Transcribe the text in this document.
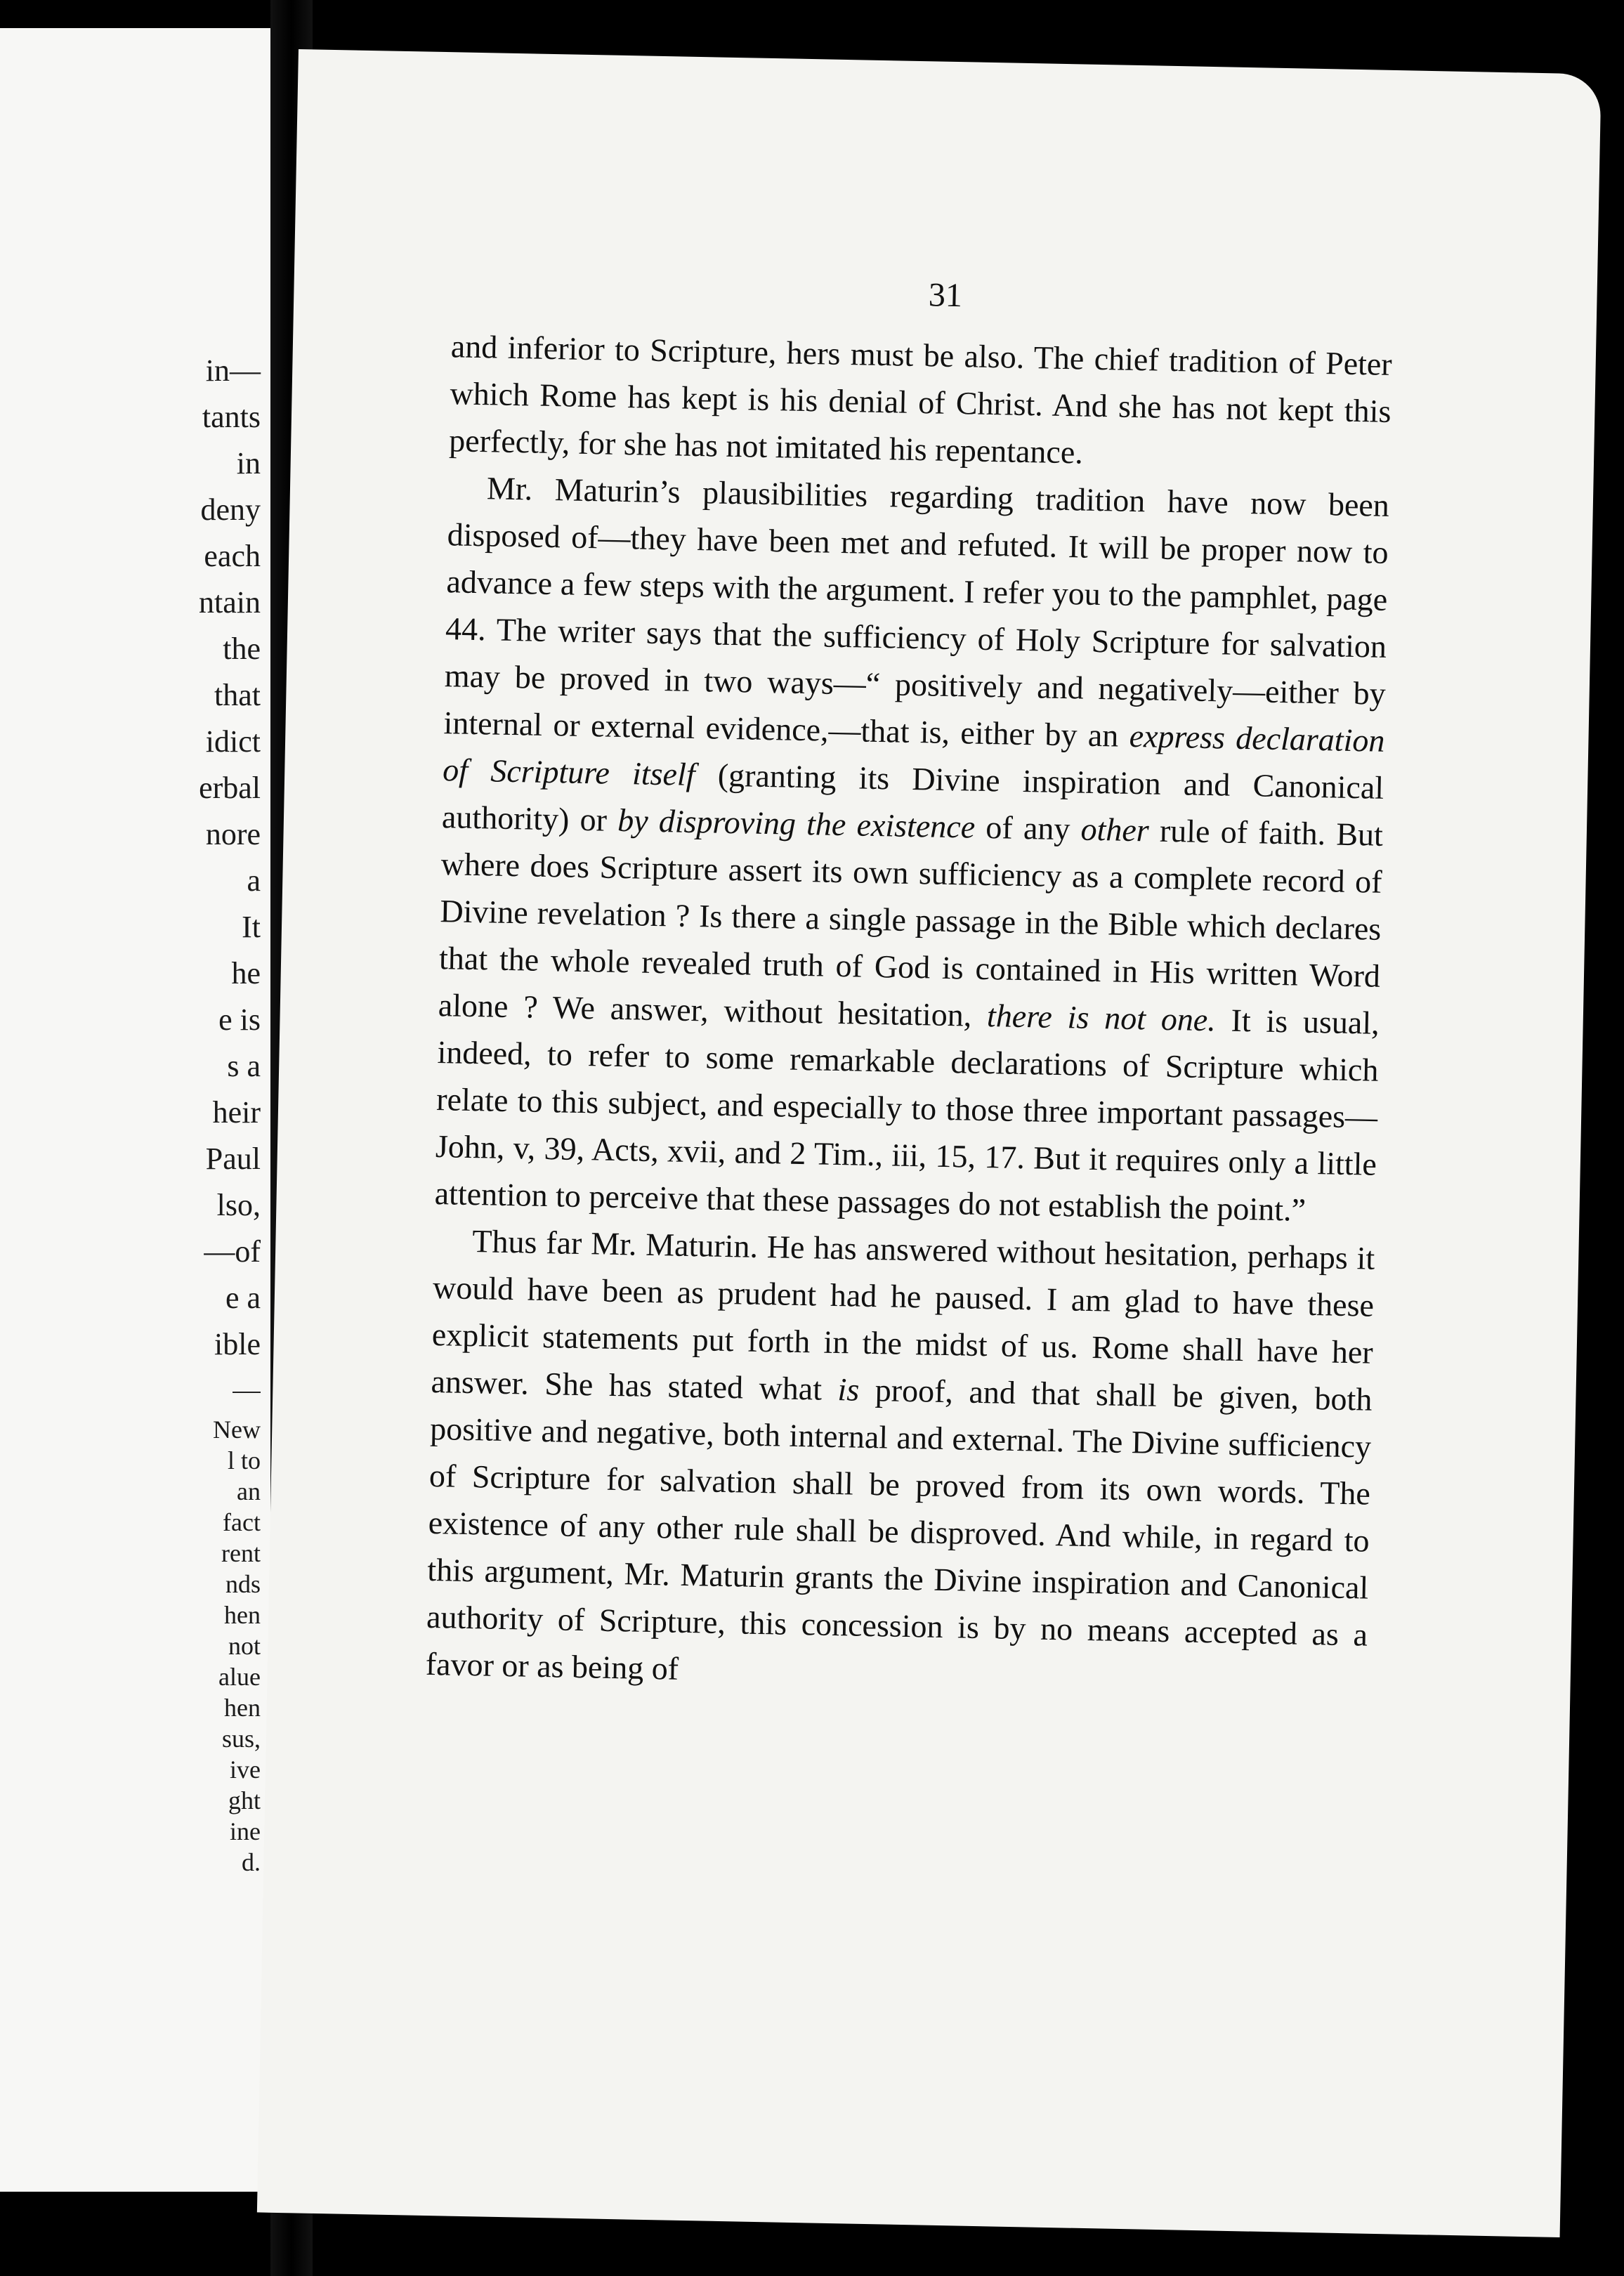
in—
tants
in
deny
each
ntain
the
that
idict
erbal
nore
a
It
he
e is
s a
heir
Paul
lso,
—of
e a
ible
New
l to
an
fact
rent
nds
hen
not
alue
hen
sus,
ive
ght
ine
d.
31

and inferior to Scripture, hers must be also. The chief tradition of Peter which Rome has kept is his denial of Christ. And she has not kept this perfectly, for she has not imitated his repentance.

Mr. Maturin’s plausibilities regarding tradition have now been disposed of—they have been met and refuted. It will be proper now to advance a few steps with the argument. I refer you to the pamphlet, page 44. The writer says that the sufficiency of Holy Scripture for salvation may be proved in two ways—“ positively and negatively—either by internal or external evidence,—that is, either by an express declaration of Scripture itself (granting its Divine inspiration and Canonical authority) or by disproving the existence of any other rule of faith. But where does Scripture assert its own sufficiency as a complete record of Divine revelation ? Is there a single passage in the Bible which declares that the whole revealed truth of God is contained in His written Word alone ? We answer, without hesitation, there is not one. It is usual, indeed, to refer to some remarkable declarations of Scripture which relate to this subject, and especially to those three important passages—John, v, 39, Acts, xvii, and 2 Tim., iii, 15, 17. But it requires only a little attention to perceive that these passages do not establish the point.”

Thus far Mr. Maturin. He has answered without hesitation, perhaps it would have been as prudent had he paused. I am glad to have these explicit statements put forth in the midst of us. Rome shall have her answer. She has stated what is proof, and that shall be given, both positive and negative, both internal and external. The Divine sufficiency of Scripture for salvation shall be proved from its own words. The existence of any other rule shall be disproved. And while, in regard to this argument, Mr. Maturin grants the Divine inspiration and Canonical authority of Scripture, this concession is by no means accepted as a favor or as being of
